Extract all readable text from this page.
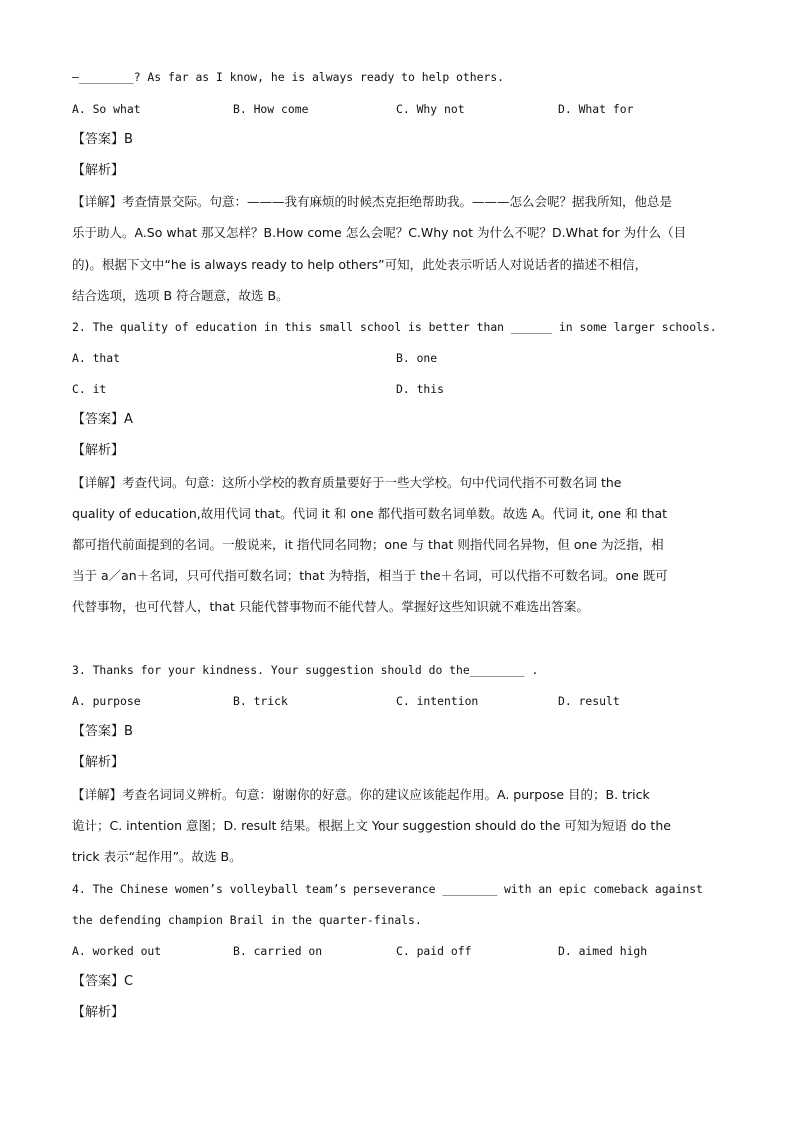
—________? As far as I know, he is always ready to help others.
A. So what	B. How come	C. Why not	D. What for
【答案】B
【解析】
【详解】考查情景交际。句意：———我有麻烦的时候杰克拒绝帮助我。———怎么会呢？据我所知，他总是
乐于助人。A.So what 那又怎样？B.How come 怎么会呢？C.Why not 为什么不呢？D.What for 为什么（目
的)。根据下文中“he is always ready to help others”可知，此处表示听话人对说话者的描述不相信，
结合选项，选项 B 符合题意，故选 B。
2. The quality of education in this small school is better than ______ in some larger schools.
A. that	B. one
C. it	D. this
【答案】A
【解析】
【详解】考查代词。句意：这所小学校的教育质量要好于一些大学校。句中代词代指不可数名词 the
quality of education,故用代词 that。代词 it 和 one 都代指可数名词单数。故选 A。代词 it, one 和 that
都可指代前面提到的名词。一般说来，it 指代同名同物；one 与 that 则指代同名异物，但 one 为泛指，相
当于 a／an＋名词，只可代指可数名词；that 为特指，相当于 the＋名词，可以代指不可数名词。one 既可
代替事物，也可代替人，that 只能代替事物而不能代替人。掌握好这些知识就不难选出答案。
3. Thanks for your kindness. Your suggestion should do the________ .
A. purpose	B. trick	C. intention	D. result
【答案】B
【解析】
【详解】考查名词词义辨析。句意：谢谢你的好意。你的建议应该能起作用。A. purpose 目的；B. trick
诡计；C. intention 意图；D. result 结果。根据上文 Your suggestion should do the 可知为短语 do the
trick 表示“起作用”。故选 B。
4. The Chinese women’s volleyball team’s perseverance ________ with an epic comeback against
the defending champion Brail in the quarter-finals.
A. worked out	B. carried on	C. paid off	D. aimed high
【答案】C
【解析】
